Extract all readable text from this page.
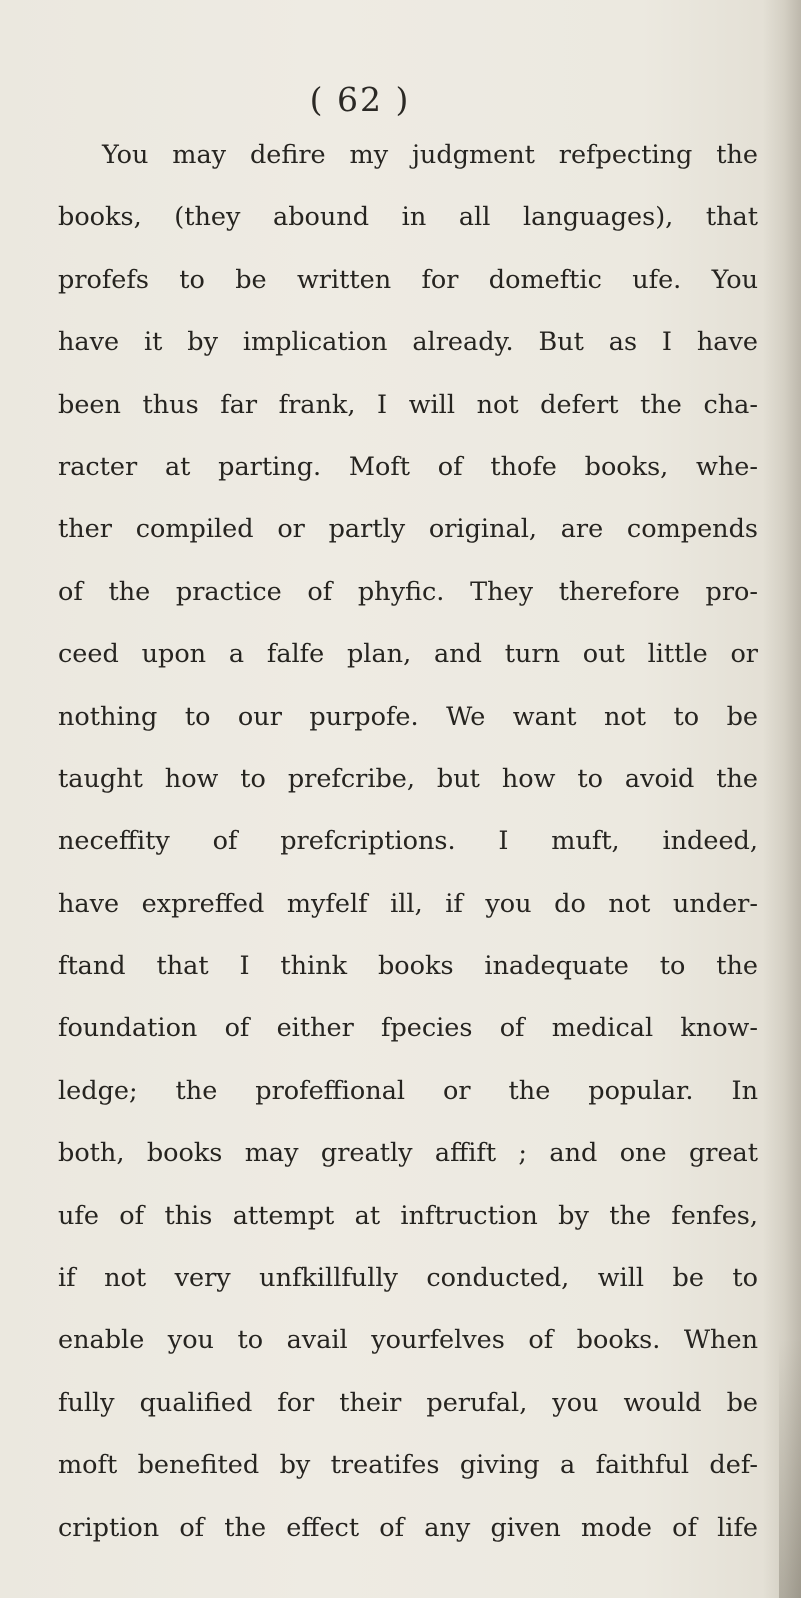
( 62 )
You may defire my judgment refpecting the
books, (they abound in all languages), that
profefs to be written for domeftic ufe. You
have it by implication already. But as I have
been thus far frank, I will not defert the cha-
racter at parting. Moft of thofe books, whe-
ther compiled or partly original, are compends
of the practice of phyfic. They therefore pro-
ceed upon a falfe plan, and turn out little or
nothing to our purpofe. We want not to be
taught how to prefcribe, but how to avoid the
neceffity of prefcriptions. I muft, indeed,
have expreffed myfelf ill, if you do not under-
ftand that I think books inadequate to the
foundation of either fpecies of medical know-
ledge; the profeffional or the popular. In
both, books may greatly affift ; and one great
ufe of this attempt at inftruction by the fenfes,
if not very unfkillfully conducted, will be to
enable you to avail yourfelves of books. When
fully qualified for their perufal, you would be
moft benefited by treatifes giving a faithful def-
cription of the effect of any given mode of life
